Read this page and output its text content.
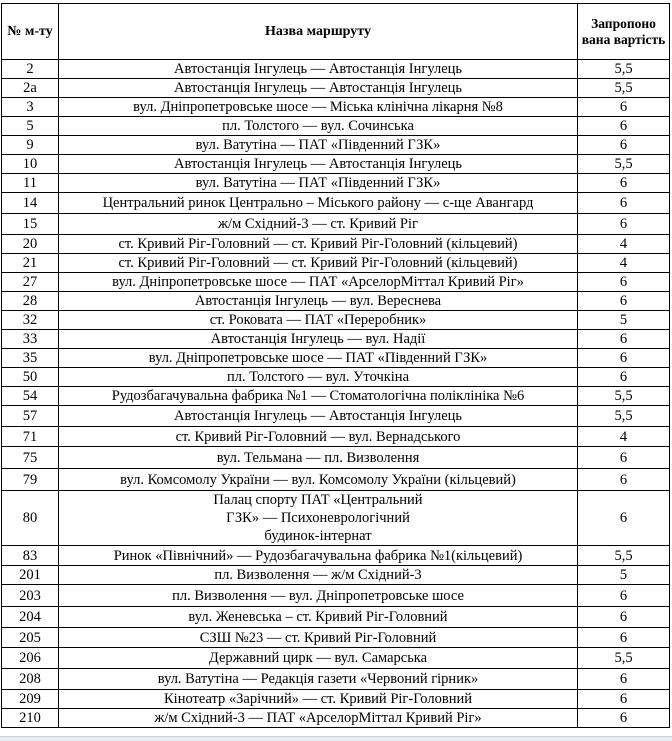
№ м-ту	Назва маршруту	Запропоно вана вартість
2	Автостанція Інгулець — Автостанція Інгулець	5,5
2а	Автостанція Інгулець — Автостанція Інгулець	5,5
3	вул. Дніпропетровське шосе — Міська клінічна лікарня №8	6
5	пл. Толстого — вул. Сочинська	6
9	вул. Ватутіна — ПАТ «Південний ГЗК»	6
10	Автостанція Інгулець — Автостанція Інгулець	5,5
11	вул. Ватутіна — ПАТ «Південний ГЗК»	6
14	Центральний ринок Центрально – Міського району — с-ще Авангард	6
15	ж/м Східний-3 — ст. Кривий Ріг	6
20	ст. Кривий Ріг-Головний — ст. Кривий Ріг-Головний (кільцевий)	4
21	ст. Кривий Ріг-Головний — ст. Кривий Ріг-Головний (кільцевий)	4
27	вул. Дніпропетровське шосе — ПАТ «АрселорМіттал Кривий Ріг»	6
28	Автостанція Інгулець — вул. Вереснева	6
32	ст. Роковата — ПАТ «Переробник»	5
33	Автостанція Інгулець — вул. Надії	6
35	вул. Дніпропетровське шосе — ПАТ «Південний ГЗК»	6
50	пл. Толстого — вул. Уточкіна	6
54	Рудозбагачувальна фабрика №1 — Стоматологічна поліклініка №6	5,5
57	Автостанція Інгулець — Автостанція Інгулець	5,5
71	ст. Кривий Ріг-Головний — вул. Вернадського	4
75	вул. Тельмана — пл. Визволення	6
79	вул. Комсомолу України — вул. Комсомолу України (кільцевий)	6
80	Палац спорту ПАТ «Центральний ГЗК» — Психоневрологічний будинок-інтернат	6
83	Ринок «Північний» — Рудозбагачувальна фабрика №1(кільцевий)	5,5
201	пл. Визволення — ж/м Східний-3	5
203	пл. Визволення — вул. Дніпропетровське шосе	6
204	вул. Женевська – ст. Кривий Ріг-Головний	6
205	СЗШ №23 — ст. Кривий Ріг-Головний	6
206	Державний цирк — вул. Самарська	5,5
208	вул. Ватутіна — Редакція газети «Червоний гірник»	6
209	Кінотеатр «Зарічний» — ст. Кривий Ріг-Головний	6
210	ж/м Східний-3 — ПАТ «АрселорМіттал Кривий Ріг»	6
